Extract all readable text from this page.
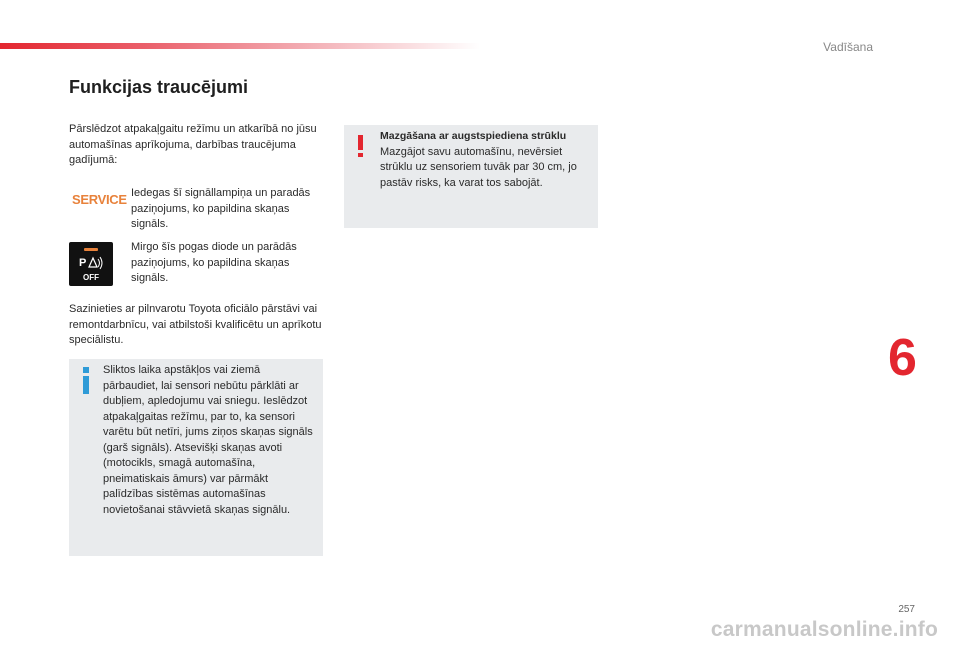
Vadīšana
Funkcijas traucējumi

Pārslēdzot atpakaļgaitu režīmu un atkarībā no jūsu automašīnas aprīkojuma, darbības traucējuma gadījumā:

SERVICE Iedegas šī signāllampiņa un paradās paziņojums, ko papildina skaņas signāls.

P
OFF

Mirgo šīs pogas diode un parādās paziņojums, ko papildina skaņas signāls.

Sazinieties ar pilnvarotu Toyota oficiālo pārstāvi vai remontdarbnīcu, vai atbilstoši kvalificētu un aprīkotu speciālistu.

Sliktos laika apstākļos vai ziemā pārbaudiet, lai sensori nebūtu pārklāti ar dubļiem, apledojumu vai sniegu. Ieslēdzot atpakaļgaitas režīmu, par to, ka sensori varētu būt netīri, jums ziņos skaņas signāls (garš signāls). Atsevišķi skaņas avoti (motocikls, smagā automašīna, pneimatiskais āmurs) var pārmākt palīdzības sistēmas automašīnas novietošanai stāvvietā skaņas signālu.

Mazgāšana ar augstspiediena strūklu
Mazgājot savu automašīnu, nevērsiet strūklu uz sensoriem tuvāk par 30 cm, jo pastāv risks, ka varat tos sabojāt.
6
257
carmanualsonline.info
